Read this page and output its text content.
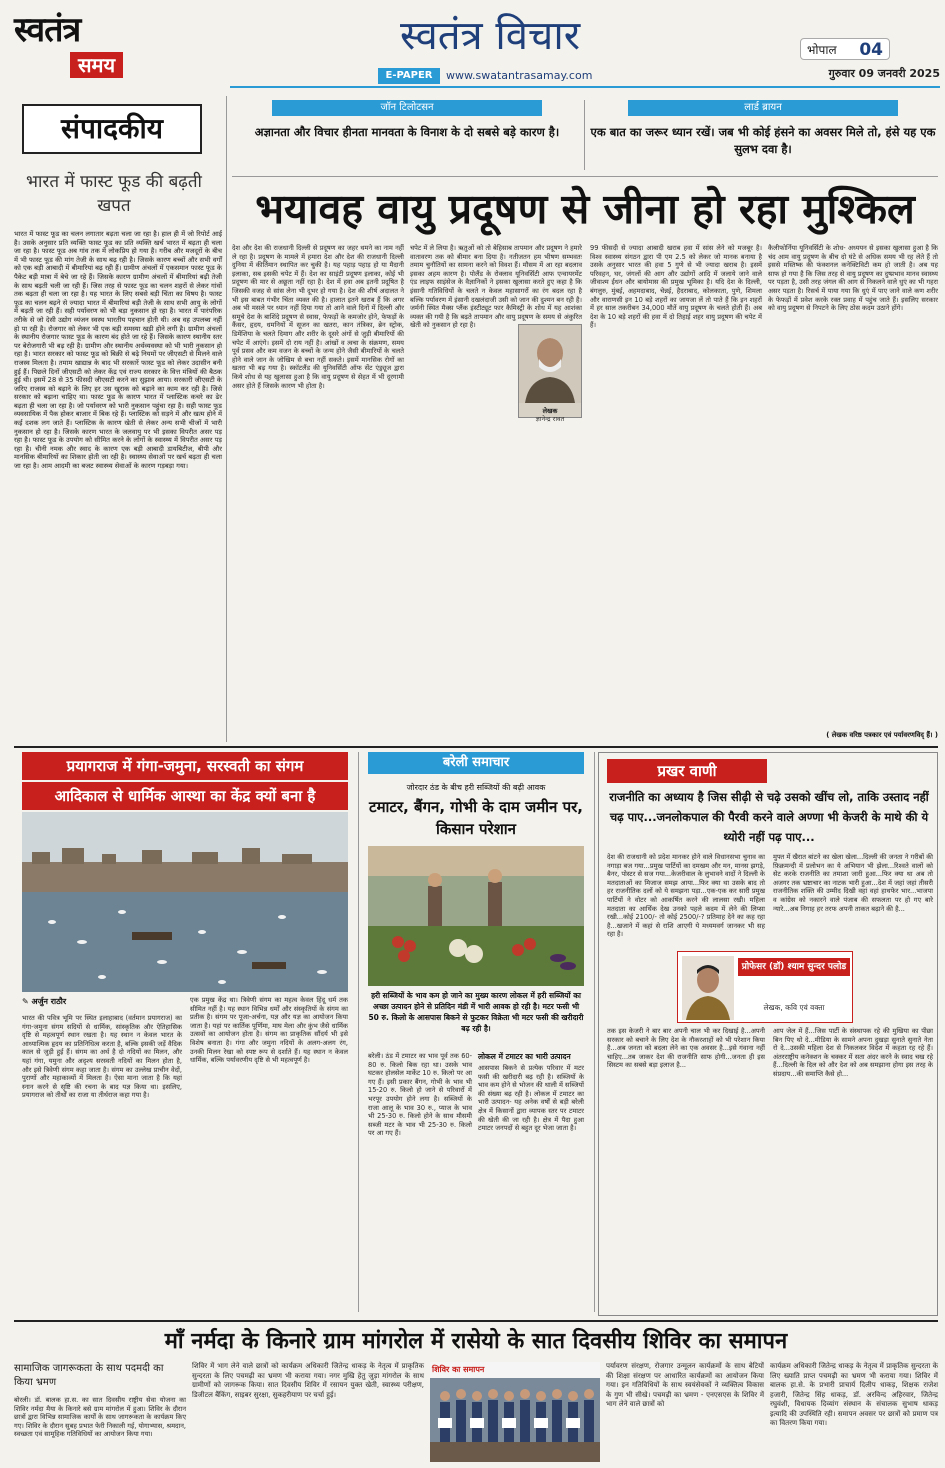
स्वतंत्र
समय
स्वतंत्र विचार
E-PAPER	www.swatantrasamay.com
भोपाल 04
गुरुवार 09 जनवरी 2025
संपादकीय
भारत में फास्ट फूड की बढ़ती खपत
भारत में फास्ट फूड का चलन लगातार बढ़ता चला जा रहा है। हाल ही में जो रिपोर्ट आई है। उसके अनुसार प्रति व्यक्ति फास्ट फूड का प्रति व्यक्ति खर्च भारत में बढ़ता ही चला जा रहा है। फास्ट फूड अब गांव तक में लोकप्रिय हो गया है। गरीब और मजदूरों के बीच में भी फास्ट फूड की मांग तेजी के साथ बढ़ रही है। जिसके कारण बच्चों और सभी वर्गों को एक बड़ी आबादी में बीमारियां बढ़ रही हैं। ग्रामीण अंचलों में एकसमान फास्ट फूड के पैकेट बड़ी मात्रा में बेचे जा रहे हैं। जिसके कारण ग्रामीण अंचलों में बीमारियां बढ़ी तेजी के साथ बढ़ती चली जा रही हैं। जिस तरह से फास्ट फूड का चलन शहरों से लेकर गांवों तक बढ़ता ही चला जा रहा है। यह भारत के लिए सबसे बड़ी चिंता का विषय है। फास्ट फूड का चलन बढ़ने से ज्यादा भारत में बीमारियां बड़ी तेजी के साथ सभी आयु के लोगों में बढ़ती जा रही हैं। सही पर्यावरण को भी बड़ा नुकसान हो रहा है। भारत में पारंपरिक तरीके से जो देसी उद्योग व्यंजन स्वस्थ भारतीय पहचान होती थी। अब वह उपलब्ध नहीं हो पा रही है। रोजगार को लेकर भी एक बड़ी समस्या खड़ी होने लगी है। ग्रामीण अंचलों के स्थानीय रोजगार फास्ट फूड के कारण बंद होते जा रहे हैं। जिसके कारण स्थानीय स्तर पर बेरोजगारी भी बढ़ रही है। ग्रामीण और स्थानीय अर्थव्यवस्था को भी भारी नुकसान हो रहा है। भारत सरकार को फास्ट फूड को बिक्री से बढ़े नियमों पर जीएसटी से मिलने वाले राजस्व मिलता है। तमाम खाद्यान्न के बाद भी सरकारें फास्ट फूड को लेकर उदासीन बनी हुई हैं। पिछले दिनों जीएसटी को लेकर केंद्र एवं राज्य सरकार के वित्त मंत्रियों की बैठक हुई थी। इसमें 28 से 35 फीसदी जीएसटी करने का सुझाव आया। सरकारी जीएसटी के जरिए राजस्व को बढ़ाने के लिए हर उस खुराक को बढ़ाने का काम कर रही है। जिसे सरकार को बढ़ाना चाहिए था। फास्ट फूड के कारण भारत में प्लास्टिक कचरे का ढेर बढ़ता ही चला जा रहा है। जो पर्यावरण को भारी नुकसान पहुंचा रहा है। सही फास्ट फूड व्यवसायिक मेंं पैक होकर बाजार में बिक रहे हैं। प्लास्टिक को सड़ने में और खत्म होने में कई दशक लग जाते हैं। प्लास्टिक के कारण खेती से लेकर अन्य सभी चीजों में भारी नुकसान हो रहा है। जिसके कारण भारत के जलवायु पर भी इसका विपरीत असर पड़ रहा है। फास्ट फूड के उपयोग को सीमित करने के लोगों के स्वास्थ्य में विपरीत असर पड़ रहा है। चीनी नमक और स्वाद के कारण एक बड़ी आबादी डायबिटीज, बीपी और मानसिक बीमारियों का शिकार होती जा रही है। स्वास्थ्य सेवाओं पर खर्च बढ़ता ही चला जा रहा है। आम आदमी का बजट स्वास्थ्य सेवाओं के कारण गड़बड़ा गया।
जॉन टिलोटसन
अज्ञानता और विचार हीनता मानवता के विनाश के दो सबसे बड़े कारण है।
लार्ड ब्रायन
एक बात का जरूर ध्यान रखें। जब भी कोई हंसने का अवसर मिले तो, हंसे यह एक सुलभ दवा है।
भयावह वायु प्रदूषण से जीना हो रहा मुश्किल

देश और देश की राजधानी दिल्ली से प्रदूषण का जहर थमने का नाम नहीं ले रहा है। प्रदूषण के मामले में हमारा देश और देश की राजधानी दिल्ली दुनिया में कीर्तिमान स्थापित कर चुकी है। यह पहाड़ पहाड़ हो या मैदानी इलाका, सब इसकी चपेट में हैं। देश का साइंटी प्रदूषण इलाका, कोई भी प्रदूषण की मार से अछूता नहीं रहा है। देश में हवा अब इतनी प्रदूषित है जिसकी वजह से सांस लेना भी दूभर हो गया है। देश की शीर्ष अदालत ने भी इस बाबत गंभीर चिंता व्यक्त की है। हालात इतने खराब हैं कि अगर अब भी मसले पर ध्यान नहीं दिया गया तो आने वाले दिनों में दिल्ली और समूचे देश के बाशिंदे प्रदूषण से स्वास, फेफड़ों के कमजोर होने, फेफड़ों के कैंसर, हृदय, धमनियों में सूजन का खतरा, कान तंत्रिका, ब्रेन स्ट्रोक, डिमेंशिया के चलते दिमाग और शरीर के दूसरे अंगों से जुड़ी बीमारियों की चपेट में आएंगे। इसमें दो राय नहीं है। आंखों व त्वचा के संक्रमण, समय पूर्व प्रसव और कम वजन के बच्चों के जन्म होने जैसी बीमारियों के चलते होने वाले जान के जोखिम से बचा नहीं सकते। इसमें मानसिक रोगों का खतरा भी बढ़ गया है। स्कॉटलैंड की यूनिवर्सिटी ऑफ सेंट एंड्र्यूज द्वारा किये शोध से यह खुलासा हुआ है कि वायु प्रदूषण से सेहत में भी दूरगामी असर होते हैं जिसके कारण भी होता है।

चपेट में ले लिया है। ऋतुओं को तो बेहिसाब तापमान और प्रदूषण ने हमारे वातावरण तक को बीमार बना दिया है। नतीजतन हम भीषण सम्भवतः तमाम चुनौतियों का सामना करने को विवश हैं। मौसम में आ रहा बदलाव इसका अहम कारण है। पोलैंड के रोक्लाव यूनिवर्सिटी आफ एन्वायरमेंट एंड लाइफ साइंसेज के वैज्ञानिकों ने इसका खुलासा करते हुए कहा है कि इंसानी गतिविधियों के चलते न केवल महासागरों का रंग बदल रहा है बल्कि पर्यावरण में इंसानी दखलंदाजी उसी को जान की दुश्मन बन रही है। जर्मनी स्थित मैक्स प्लैंक इंस्टीट्यूट फार कैमिस्ट्री के शोध में यह आशंका व्यक्त की गयी है कि बढ़ते तापमान और वायु प्रदूषण के समय से अंकुरित खेती को नुकसान हो रहा है।

लेखक
ज्ञानेन्द्र रावत

99 फीसदी से ज्यादा आबादी खराब हवा में सांस लेने को मजबूर है। विश्व स्वास्थ्य संगठन द्वारा पी एम 2.5 को लेकर जो मानक बनाया है उसके अनुसार भारत की हवा 5 गुणे से भी ज्यादा खराब है। इसमें परिवहन, घर, जंगलों की आग और उद्योगों आदि में जलाये जाने वाले जीवाश्म ईंधन और बायोमास की प्रमुख भूमिका है। यदि देश के दिल्ली, बंगलुरु, मुंबई, अहमदाबाद, चेन्नई, हैदराबाद, कोलकाता, पुणे, शिमला और वाराणसी इन 10 बड़े शहरों का जायजा लें तो पाते हैं कि इन शहरों में हर साल तकरीबन 34,000 मौतें वायु प्रदूषण के चलते होती हैं। अब देश के 10 बड़े शहरों की हवा में दो तिहाई शहर वायु प्रदूषण की चपेट में हैं।

कैलीफोर्निया यूनिवर्सिटी के शोध- अध्ययन से इसका खुलासा हुआ है कि चंद आम वायु प्रदूषण के बीच दो घंटे से अधिक समय भी रह लेते हैं तो इससे मस्तिष्क की फंक्शनल कनेक्टिविटी कम हो जाती है। अब यह साफ हो गया है कि जिस तरह से वायु प्रदूषण का दुष्प्रभाव मानव स्वास्थ्य पर पड़ता है, उसी तरह जंगल की आग से निकलने वाले धुएं का भी गहरा असर पड़ता है। रिसर्च में पाया गया कि धुएं में पाए जाने वाले कण शरीर के फेफड़ों में प्रवेश करके रक्त प्रवाह में पहुंच जाते हैं। इसलिए सरकार को वायु प्रदूषण से निपटने के लिए ठोस कदम उठाने होंगे।

( लेखक वरिष्ठ पत्रकार एवं पर्यावरणविद् हैं। )
प्रयागराज में गंगा-जमुना, सरस्वती का संगम
आदिकाल से धार्मिक आस्था का केंद्र क्यों बना है
✎ अर्जुन राठौर

भारत की पवित्र भूमि पर स्थित इलाहाबाद (वर्तमान प्रयागराज) का गंगा-जमुना संगम सदियों से धार्मिक, सांस्कृतिक और ऐतिहासिक दृष्टि से महत्वपूर्ण स्थान रखता है। यह स्थान न केवल भारत के आध्यात्मिक हृदय का प्रतिनिधित्व करता है, बल्कि इसकी जड़ें वैदिक काल से जुड़ी हुई हैं। संगम का अर्थ है दो नदियों का मिलन, और यहां गंगा, यमुना और अदृश्य सरस्वती नदियों का मिलन होता है, और इसे त्रिवेणी संगम कहा जाता है। संगम का उल्लेख प्राचीन वेदों, पुराणों और महाकाव्यों में मिलता है। ऐसा माना जाता है कि यहां स्नान करने से सृष्टि की रचना के बाद यज्ञ किया था। इसलिए, प्रयागराज को तीर्थों का राजा या तीर्थराज कहा गया है।

एक प्रमुख केंद्र था। त्रिवेणी संगम का महत्व केवल हिंदू धर्म तक सीमित नहीं है। यह स्थान विभिन्न धर्मों और संस्कृतियों के संगम का प्रतीक है। संगम पर पूजा-अर्चना, यज्ञ और यज्ञ का आयोजन किया जाता है। यहां पर कार्तिक पूर्णिमा, माघ मेला और कुंभ जैसे धार्मिक उत्सवों का आयोजन होता है। संगम का प्राकृतिक सौंदर्य भी इसे विशेष बनाता है। गंगा और जमुना नदियों के अलग-अलग रंग, उनकी मिलन रेखा को स्पष्ट रूप से दर्शाते हैं। यह स्थान न केवल धार्मिक, बल्कि पर्यावरणीय दृष्टि से भी महत्वपूर्ण है।

बरेली समाचार
जोरदार ठंड के बीच हरी सब्जियों की बढ़ी आवक
टमाटर, बैंगन, गोभी के दाम जमीन पर, किसान परेशान
हरी सब्जियों के भाव कम हो जाने का मुख्य कारण लोकल में हरी सब्जियों का अच्छा उत्पादन होने से प्रतिदिन मंडी में भारी आवक हो रही है। मटर फसी भी 50 रु. किलो के आसपास बिकने से फुटकर विक्रेता भी मटर फसी की खरीदारी बढ़ रही है।

बरेली। ठंड में टमाटर का भाव पूर्व तक 60-80 रु. किलो बिक रहा था। उसके भाव घटकर होलसेल मार्केट 10 रु. किलो पर आ गए हैं। इसी प्रकार बैंगन, गोभी के भाव भी 15-20 रु. किलो हो जाने से परिवारों में भरपूर उपयोग होने लगा है। सब्जियों के राजा आलू के भाव 30 रु., प्याज के भाव भी 25-30 रु. किलो होने के साथ मौसमी सब्जी मटर के भाव भी 25-30 रु. किलो पर आ गए हैं।

लोकल में टमाटर का भारी उत्पादन

आसपास बिकने से प्रत्येक परिवार में मटर फसी की खरीदारी बढ़ रही है। सब्जियों के भाव कम होने से भोजन की थाली में सब्जियों की संख्या बढ़ रही है। लोकल में टमाटर का भारी उत्पादन- यह अनेक वर्षों से बड़ी बरेली क्षेत्र में किसानों द्वारा व्यापक स्तर पर टमाटर की खेती की जा रही है। क्षेत्र में पैदा हुआ टमाटर जनपदों से बहुत दूर भेजा जाता है।

प्रखर वाणी
राजनीति का अध्याय है जिस सीढ़ी से चढ़े उसको खींच लो, ताकि उस्ताद नहीं चढ़ पाए...जनलोकपाल की पैरवी करने वाले अण्णा भी केजरी के माथे की ये थ्योरी नहीं पढ़ पाए...

देश की राजधानी को प्रदेश मानकर होने वाले विधानसभा चुनाव का नगाड़ा बज गया...प्रमुख पार्टियों का दमखम और मन, मानस झगड़े, बैनर, पोस्टर से सज गया...केजरीवाल के लुभावने वादों ने दिल्ली के मतदाताओं का मिजाज समझ आया...फिर क्या था उसके बाद तो हर राजनीतिक दलों को ये समझना पड़ा...एक-एक कर सारी प्रमुख पार्टियों ने वोटर को आकर्षित करने की लालसा रखी। महिला मतदाता का आर्थिक देख उनको पहले कदम में लेने की लिप्सा रखी...कोई 2100/- तो कोई 2500/-? प्रतिमाह देने का कह रहा है...खजाने में कहां से राशि आएगी ये मध्यमवर्ग जानकर भी सह रहा है।

प्रोफेसर (डॉ) श्याम सुन्दर पलोड
लेखक, कवि एवं वक्ता

तक इस केजरी ने बार बार अपनी चाल भी कर दिखाई है...अपनी सरकार को बचाने के लिए देश के नौकरशाहों को भी परेशान किया है...अब जनता को बदला लेने का एक अवसर है...इसे गंवाना नहीं चाहिए...तब जाकर देश की राजनीति साफ होगी...जनता ही इस सिस्टम का सबसे बड़ा इलाज है...

मुफ्त में खैरात बांटने का खेला खेला...दिल्ली की जनता ने गरीबों की फ़िक्रमन्दी में प्रलोभन का ये अभियान भी झेला...रिश्वते वालों को सेट करके राजनीति का तमाशा जारी हुआ...फिर क्या था अब तो अजगर तक भ्रष्टाचार का नाटक भारी हुआ...देश में जहां जहां तीसरी राजनीतिक शक्ति की उम्मीद दिखी वहां वहां हाथफेर भार...भाजपा व कांग्रेस को नकारने वाले पंजाब की सफलता पर हो गए बारे न्यारे...अब निगाह हर तरफ अपनी ताकत बढ़ाने की है...

आप जेल में हैं...जिस पार्टी के संस्थापक रहे की मुखिया का पीछा बिन पिए थो दे...मीडिया के सामने अपना दुखड़ा सुनाते सुनाते नेता रो दे...उसकी महिला देश से निकलकर विदेश में कहता रह रहे हैं। अंतरराष्ट्रीय कनेक्शन के चक्कर में सता अंदर करने के स्वाद चख रहे हैं...दिल्ली के दिल को और देश को अब समझाना होगा इस तरह के संप्रदाय...की समाप्ति कैसे हो...

माँ नर्मदा के किनारे ग्राम मांगरोल में रासेयो के सात दिवसीय शिविर का समापन
सामाजिक जागरूकता के साथ पदमदी का किया भ्रमण

बोरली। डॉ. बालक हा.स. का सात दिवसीय राष्ट्रीय सेवा योजना का शिविर नर्मदा मैया के किनारे बसे ग्राम मांगरोल में हुआ। शिविर के दौरान छात्रों द्वारा विभिन्न सामाजिक कार्यों के साथ जागरूकता के कार्यक्रम किए गए। शिविर के दौरान सुबह प्रभात फेरी निकाली गई, योगाभ्यास, श्रमदान, स्वच्छता एवं सामूहिक गतिविधियों का आयोजन किया गया।

शिविर में भाग लेने वाले छात्रों को कार्यक्रम अधिकारी जितेन्द्र धाकड़ के नेतृत्व में प्राकृतिक सुन्दरता के लिए पचमढ़ी का भ्रमण भी कराया गया। नगर मुखि हेतु जुड़ा मांगरोल के साथ ग्रामीणों को जागरूक किया। सात दिवसीय शिविर में रसायन युक्त खेती, स्वास्थ्य परीक्षण, डिजीटल बैंकिंग, साइबर सुरक्षा, सुकहरीयाण पर चर्चा हुई।

शिविर का समापन	पर्यावरण संरक्षण, रोजगार उन्मूलन कार्यक्रमों के साथ बेटियों की शिक्षा संरक्षण पर आधारित कार्यक्रमों का आयोजन किया गया। इन गतिविधियों के साथ स्वयंसेवकों ने व्यक्तित्व विकास के गुण भी सीखे। पचमढ़ी का भ्रमण - एनएसएस के शिविर में भाग लेने वाले छात्रों को

कार्यक्रम अधिकारी जितेन्द्र धाकड़ के नेतृत्व में प्राकृतिक सुन्दरता के लिए ख्याति प्राप्त पचमढ़ी का भ्रमण भी कराया गया। शिविर में बालक हा.से. के प्रभारी प्राचार्य दिलीप धाकड़, शिक्षक राजेश हजारी, जितेन्द्र सिंह धाकड़, डॉ. अरविन्द अहिरवार, जितेन्द्र रघुवंशी, विधायक दिव्यांग संस्थान के संचालक सुभाष धाकड़ इत्यादि की उपस्थिति रही। समापन अवसर पर छात्रों को प्रमाण पत्र का वितरण किया गया।
